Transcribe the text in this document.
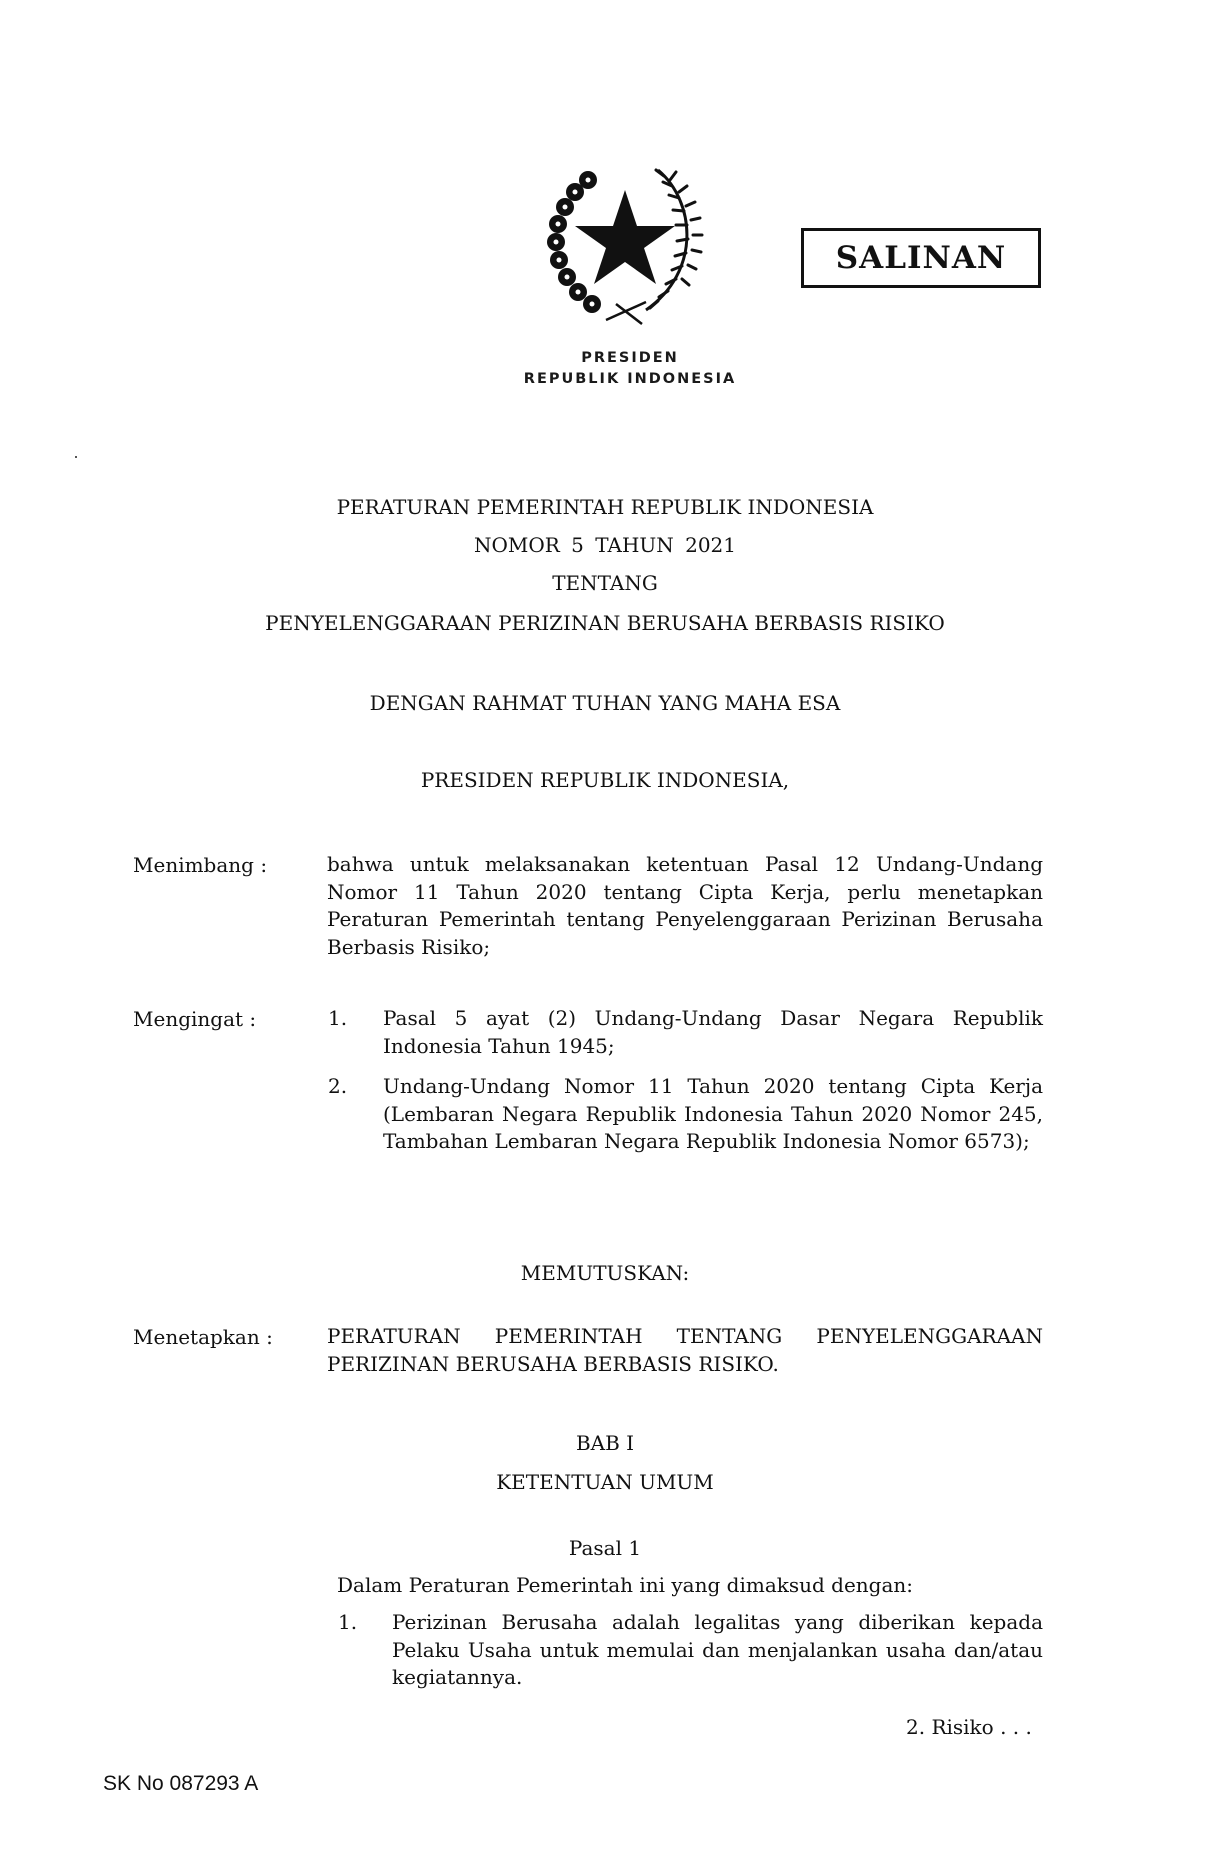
SALINAN
PRESIDEN
REPUBLIK INDONESIA
PERATURAN PEMERINTAH REPUBLIK INDONESIA
NOMOR 5 TAHUN 2021
TENTANG
PENYELENGGARAAN PERIZINAN BERUSAHA BERBASIS RISIKO
DENGAN RAHMAT TUHAN YANG MAHA ESA
PRESIDEN REPUBLIK INDONESIA,
Menimbang :	bahwa untuk melaksanakan ketentuan Pasal 12 Undang-Undang Nomor 11 Tahun 2020 tentang Cipta Kerja, perlu menetapkan Peraturan Pemerintah tentang Penyelenggaraan Perizinan Berusaha Berbasis Risiko;
Mengingat :	1. Pasal 5 ayat (2) Undang-Undang Dasar Negara Republik Indonesia Tahun 1945;
2. Undang-Undang Nomor 11 Tahun 2020 tentang Cipta Kerja (Lembaran Negara Republik Indonesia Tahun 2020 Nomor 245, Tambahan Lembaran Negara Republik Indonesia Nomor 6573);
MEMUTUSKAN:
Menetapkan :	PERATURAN PEMERINTAH TENTANG PENYELENGGARAAN PERIZINAN BERUSAHA BERBASIS RISIKO.
BAB I
KETENTUAN UMUM
Pasal 1
Dalam Peraturan Pemerintah ini yang dimaksud dengan:
1. Perizinan Berusaha adalah legalitas yang diberikan kepada Pelaku Usaha untuk memulai dan menjalankan usaha dan/atau kegiatannya.
2. Risiko . . .
SK No 087293 A
